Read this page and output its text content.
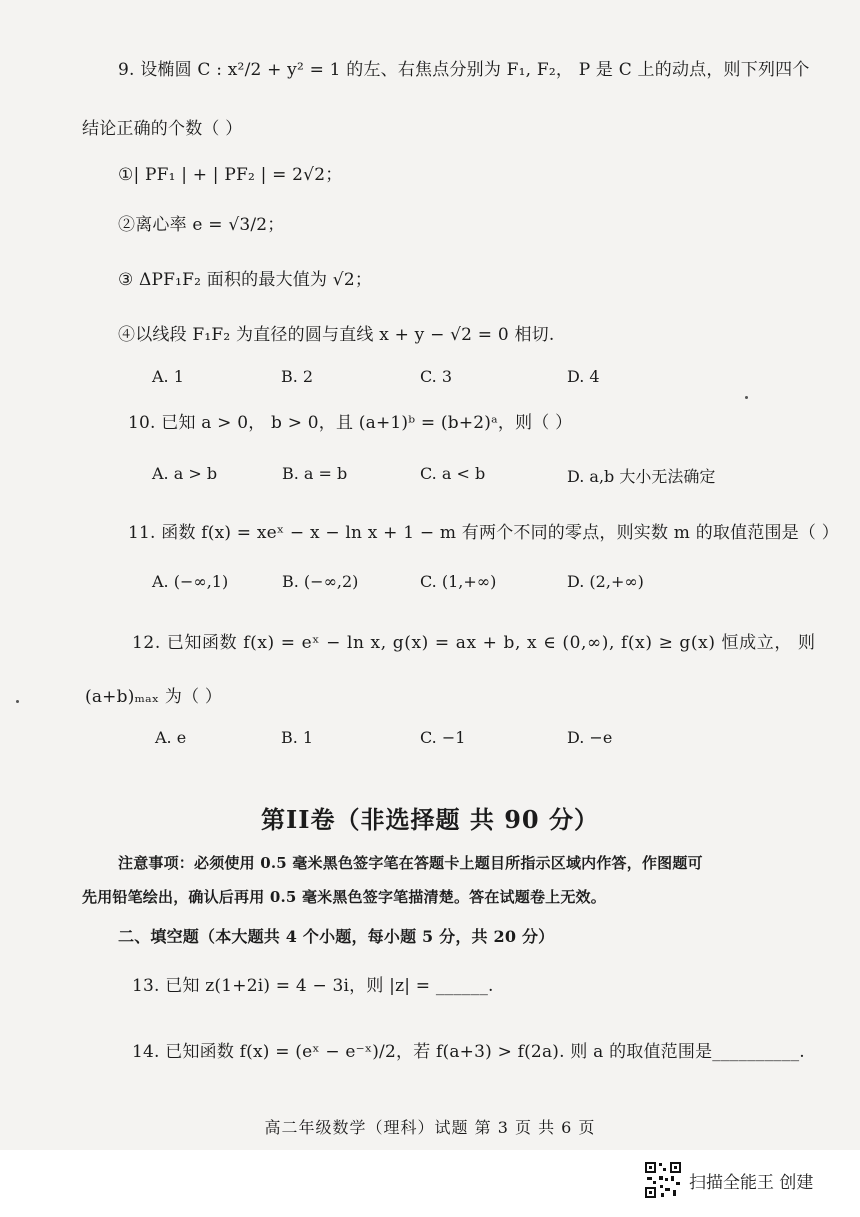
9. 设椭圆 C : x²/2 + y² = 1 的左、右焦点分别为 F₁, F₂， P 是 C 上的动点，则下列四个
结论正确的个数（ ）
①| PF₁ | + | PF₂ | = 2√2；
②离心率 e = √3/2；
③ ΔPF₁F₂ 面积的最大值为 √2；
④以线段 F₁F₂ 为直径的圆与直线 x + y − √2 = 0 相切.
A. 1	B. 2	C. 3	D. 4
10. 已知 a > 0， b > 0，且 (a+1)ᵇ = (b+2)ᵃ，则（ ）
A. a > b	B. a = b	C. a < b	D. a,b 大小无法确定
11. 函数 f(x) = xeˣ − x − ln x + 1 − m 有两个不同的零点，则实数 m 的取值范围是（ ）
A. (−∞,1)	B. (−∞,2)	C. (1,+∞)	D. (2,+∞)
12. 已知函数 f(x) = eˣ − ln x, g(x) = ax + b, x ∈ (0,∞), f(x) ≥ g(x) 恒成立， 则
(a+b)ₘₐₓ 为（ ）
A. e	B. 1	C. −1	D. −e
第II卷（非选择题 共 90 分）
注意事项：必须使用 0.5 毫米黑色签字笔在答题卡上题目所指示区域内作答，作图题可
先用铅笔绘出，确认后再用 0.5 毫米黑色签字笔描清楚。答在试题卷上无效。
二、填空题（本大题共 4 个小题，每小题 5 分，共 20 分）
13. 已知 z(1+2i) = 4 − 3i，则 |z| = ______.
14. 已知函数 f(x) = (eˣ − e⁻ˣ)/2，若 f(a+3) > f(2a). 则 a 的取值范围是__________.
高二年级数学（理科）试题 第 3 页 共 6 页
扫描全能王 创建
